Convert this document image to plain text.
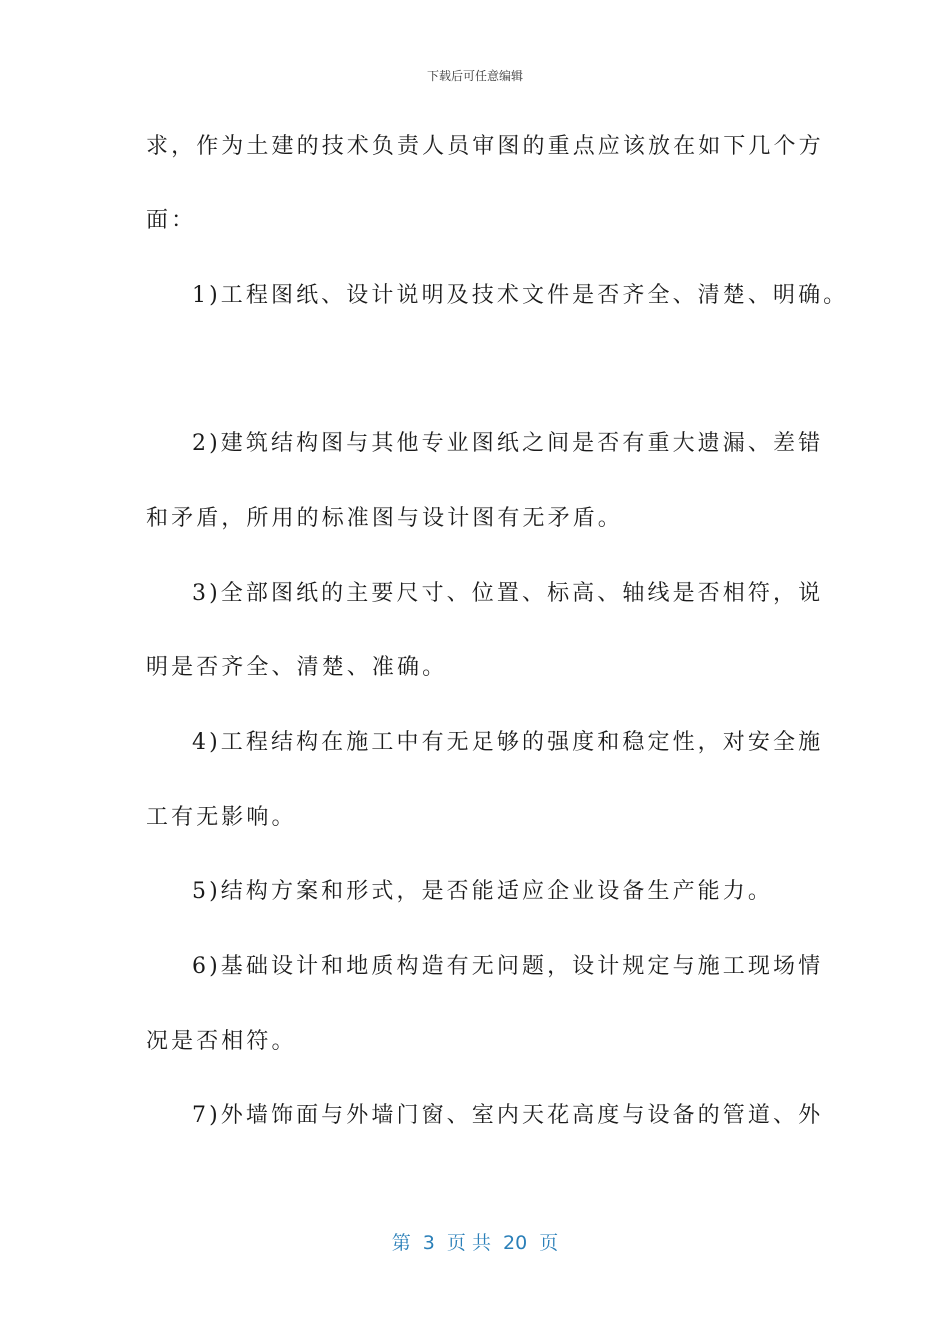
下载后可任意编辑
求，作为土建的技术负责人员审图的重点应该放在如下几个方
面：
1)工程图纸、设计说明及技术文件是否齐全、清楚、明确。
2)建筑结构图与其他专业图纸之间是否有重大遗漏、差错
和矛盾，所用的标准图与设计图有无矛盾。
3)全部图纸的主要尺寸、位置、标高、轴线是否相符，说
明是否齐全、清楚、准确。
4)工程结构在施工中有无足够的强度和稳定性，对安全施
工有无影响。
5)结构方案和形式，是否能适应企业设备生产能力。
6)基础设计和地质构造有无问题，设计规定与施工现场情
况是否相符。
7)外墙饰面与外墙门窗、室内天花高度与设备的管道、外
第  3  页 共  20  页
